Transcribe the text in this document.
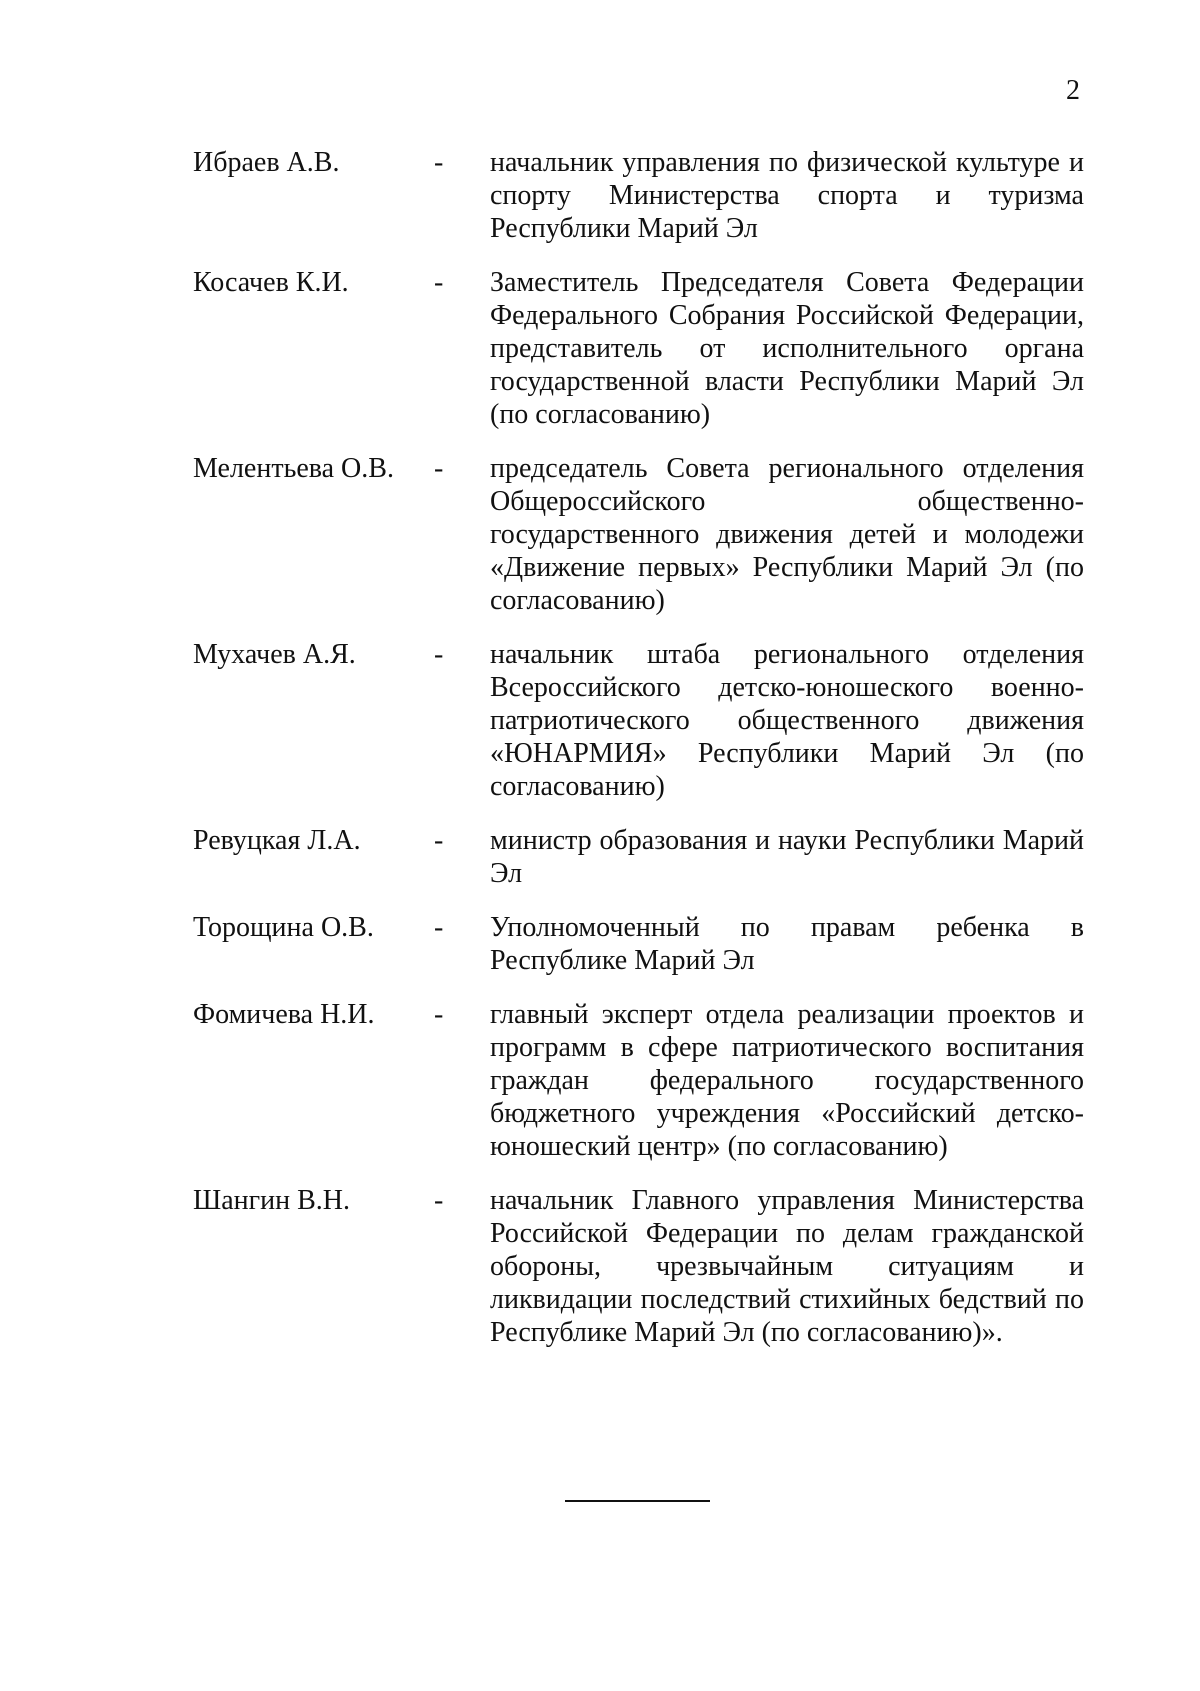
2
Ибраев А.В.	-	начальник управления по физической культуре и спорту Министерства спорта и туризма Республики Марий Эл
Косачев К.И.	-	Заместитель Председателя Совета Федерации Федерального Собрания Российской Федерации, представитель от исполнительного органа государственной власти Республики Марий Эл (по согласованию)
Мелентьева О.В.	-	председатель Совета регионального отделения Общероссийского общественно-государственного движения детей и молодежи «Движение первых» Республики Марий Эл (по согласованию)
Мухачев А.Я.	-	начальник штаба регионального отделения Всероссийского детско-юношеского военно-патриотического общественного движения «ЮНАРМИЯ» Республики Марий Эл (по согласованию)
Ревуцкая Л.А.	-	министр образования и науки Республики Марий Эл
Торощина О.В.	-	Уполномоченный по правам ребенка в Республике Марий Эл
Фомичева Н.И.	-	главный эксперт отдела реализации проектов и программ в сфере патриотического воспитания граждан федерального государственного бюджетного учреждения «Российский детско-юношеский центр» (по согласованию)
Шангин В.Н.	-	начальник Главного управления Министерства Российской Федерации по делам гражданской обороны, чрезвычайным ситуациям и ликвидации последствий стихийных бедствий по Республике Марий Эл (по согласованию)».
